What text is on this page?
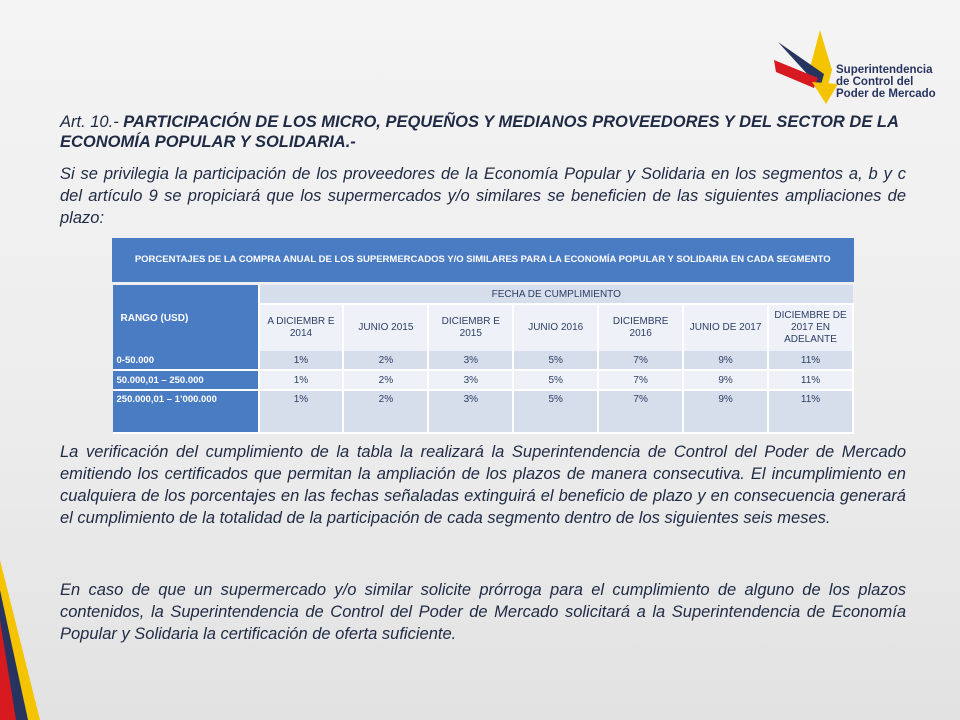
Superintendencia
de Control del
Poder de Mercado
Art. 10.- PARTICIPACIÓN DE LOS MICRO, PEQUEÑOS Y MEDIANOS PROVEEDORES Y DEL SECTOR DE LA ECONOMÍA POPULAR Y SOLIDARIA.-
Si se privilegia la participación de los proveedores de la Economía Popular y Solidaria en los segmentos a, b y c del artículo 9 se propiciará que los supermercados y/o similares se beneficien de las siguientes ampliaciones de plazo:
PORCENTAJES DE LA COMPRA ANUAL DE LOS SUPERMERCADOS Y/O SIMILARES PARA LA ECONOMÍA POPULAR Y SOLIDARIA EN CADA SEGMENTO							

RANGO (USD)	FECHA DE CUMPLIMIENTO						
	A DICIEMBR E 2014	JUNIO 2015	DICIEMBR E 2015	JUNIO 2016	DICIEMBRE 2016	JUNIO DE 2017	DICIEMBRE DE 2017 EN ADELANTE
0-50.000	1%	2%	3%	5%	7%	9%	11%
50.000,01 – 250.000	1%	2%	3%	5%	7%	9%	11%
250.000,01 – 1’000.000	1%	2%	3%	5%	7%	9%	11%
La verificación del cumplimiento de la tabla la realizará la Superintendencia de Control del Poder de Mercado emitiendo los certificados que permitan la ampliación de los plazos de manera consecutiva. El incumplimiento en cualquiera de los porcentajes en las fechas señaladas extinguirá el beneficio de plazo y en consecuencia generará el cumplimiento de la totalidad de la participación de cada segmento dentro de los siguientes seis meses.
En caso de que un supermercado y/o similar solicite prórroga para el cumplimiento de alguno de los plazos contenidos, la Superintendencia de Control del Poder de Mercado solicitará a la Superintendencia de Economía Popular y Solidaria la certificación de oferta suficiente.
